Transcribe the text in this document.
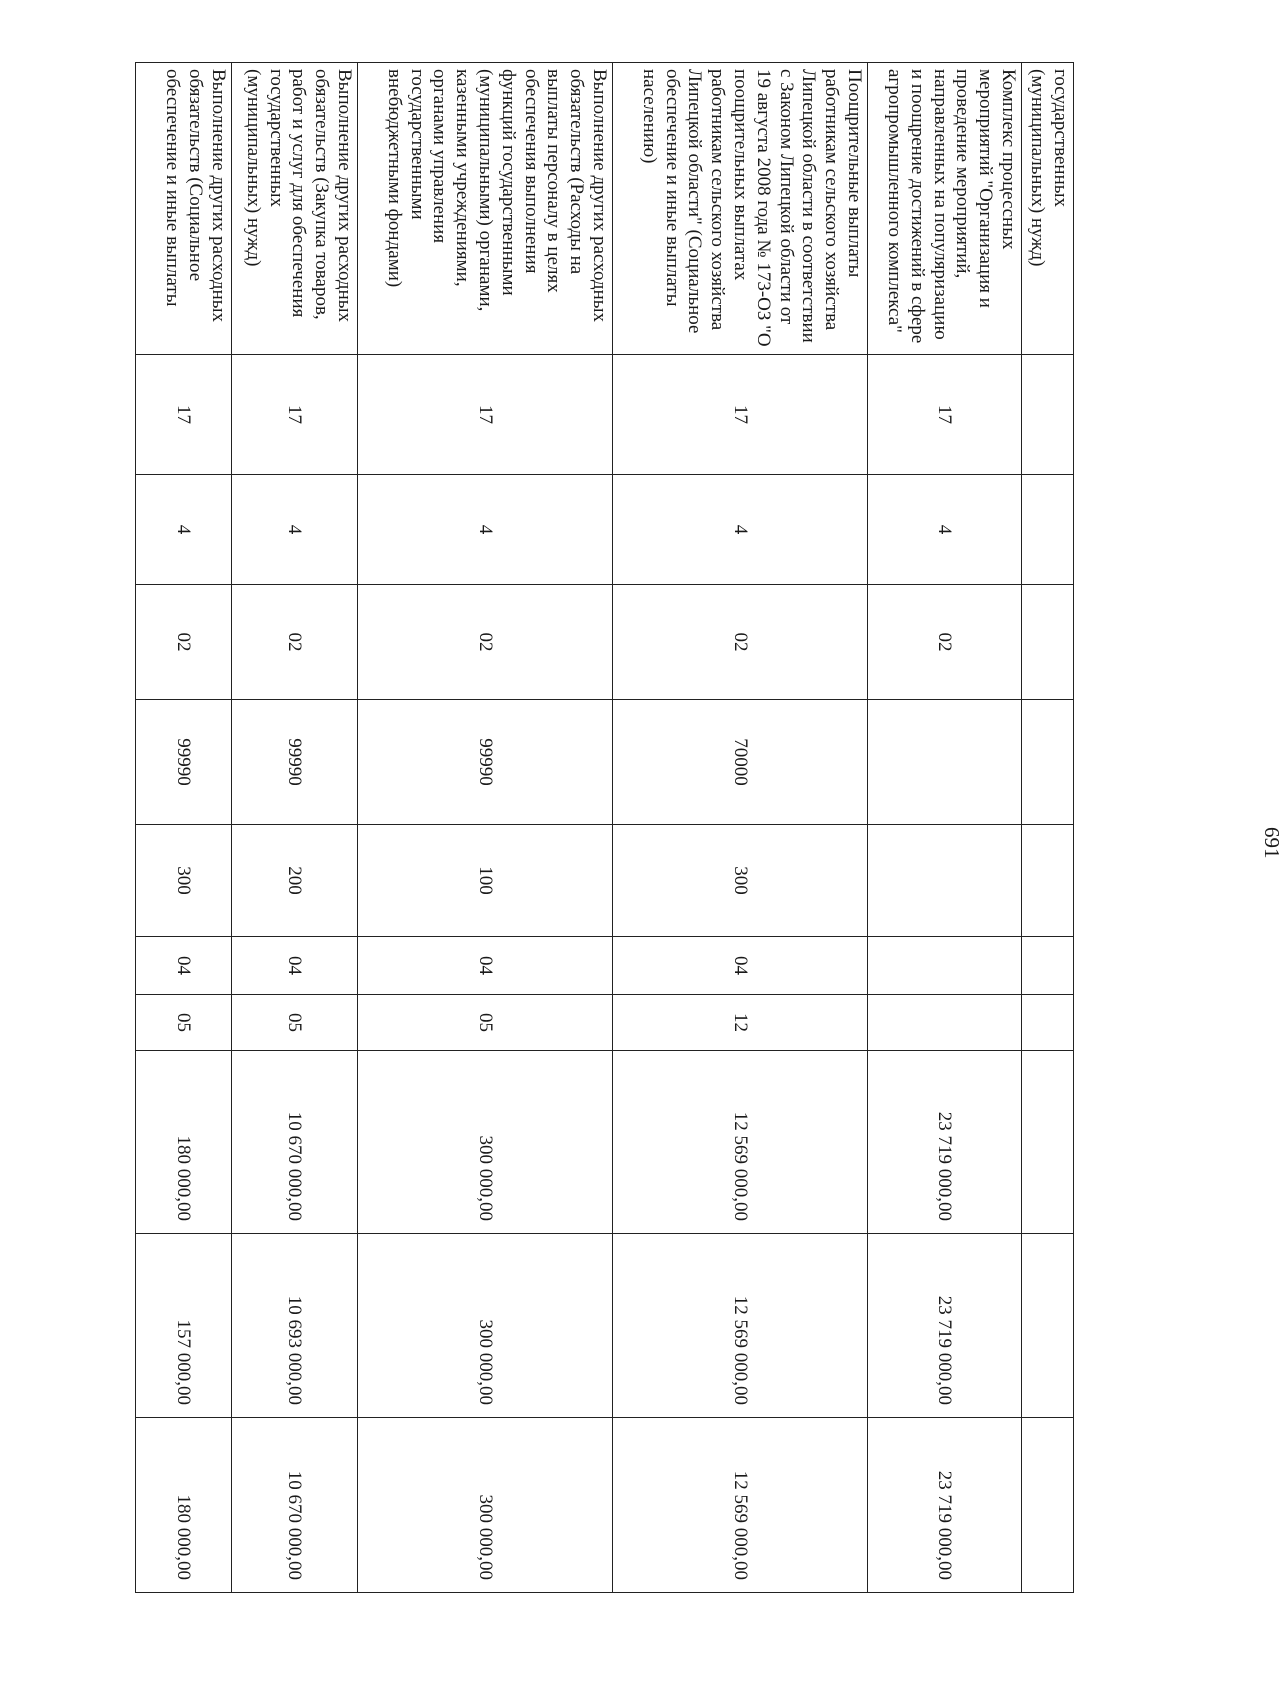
691
государственных (муниципальных) нужд)										
Комплекс процессных мероприятий "Организация и проведение мероприятий, направленных на популяризацию и поощрение достижений в сфере агропромышленного комплекса"	17	4	02					23 719 000,00	23 719 000,00	23 719 000,00
Поощрительные выплаты работникам сельского хозяйства Липецкой области в соответствии с Законом Липецкой области от 19 августа 2008 года № 173-ОЗ "О поощрительных выплатах работникам сельского хозяйства Липецкой области" (Социальное обеспечение и иные выплаты населению)	17	4	02	70000	300	04	12	12 569 000,00	12 569 000,00	12 569 000,00
Выполнение других расходных обязательств (Расходы на выплаты персоналу в целях обеспечения выполнения функций государственными (муниципальными) органами, казенными учреждениями, органами управления государственными внебюджетными фондами)	17	4	02	99990	100	04	05	300 000,00	300 000,00	300 000,00
Выполнение других расходных обязательств (Закупка товаров, работ и услуг для обеспечения государственных (муниципальных) нужд)	17	4	02	99990	200	04	05	10 670 000,00	10 693 000,00	10 670 000,00
Выполнение других расходных обязательств (Социальное обеспечение и иные выплаты	17	4	02	99990	300	04	05	180 000,00	157 000,00	180 000,00
